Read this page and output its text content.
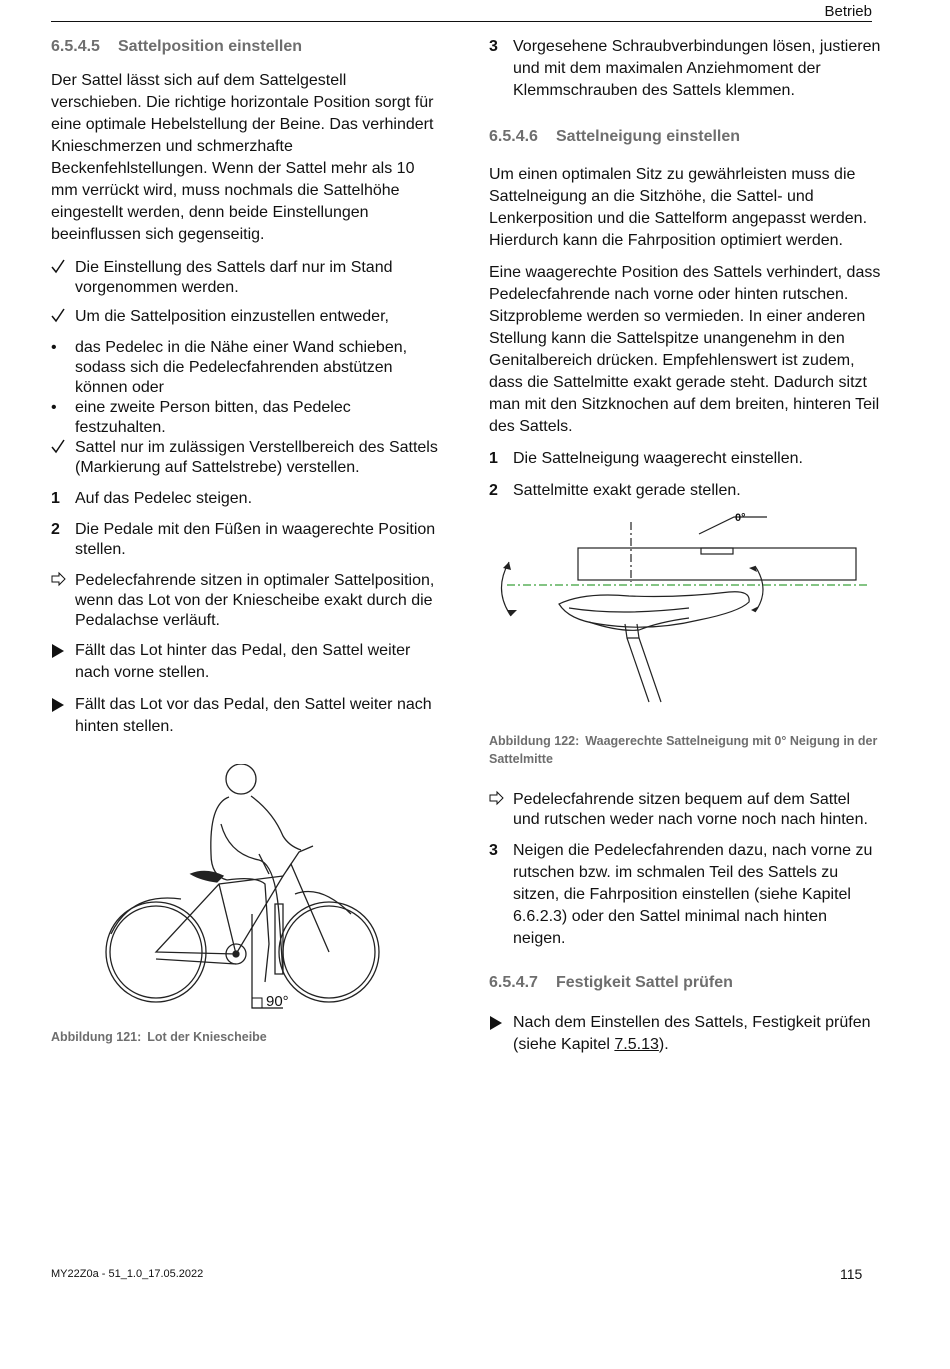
Betrieb
6.5.4.5 Sattelposition einstellen

Der Sattel lässt sich auf dem Sattelgestell verschieben. Die richtige horizontale Position sorgt für eine optimale Hebelstellung der Beine. Das verhindert Knieschmerzen und schmerzhafte Beckenfehlstellungen. Wenn der Sattel mehr als 10 mm verrückt wird, muss nochmals die Sattelhöhe eingestellt werden, denn beide Einstellungen beeinflussen sich gegenseitig.

Die Einstellung des Sattels darf nur im Stand vorgenommen werden.
Um die Sattelposition einzustellen entweder,
•	das Pedelec in die Nähe einer Wand schieben, sodass sich die Pedelecfahrenden abstützen können oder
•	eine zweite Person bitten, das Pedelec festzuhalten.
Sattel nur im zulässigen Verstellbereich des Sattels (Markierung auf Sattelstrebe) verstellen.
1 Auf das Pedelec steigen.
2 Die Pedale mit den Füßen in waagerechte Position stellen.
Pedelecfahrende sitzen in optimaler Sattelposition, wenn das Lot von der Kniescheibe exakt durch die Pedalachse verläuft.
Fällt das Lot hinter das Pedal, den Sattel weiter nach vorne stellen.
Fällt das Lot vor das Pedal, den Sattel weiter nach hinten stellen.
90°
Abbildung 121: Lot der Kniescheibe
3 Vorgesehene Schraubverbindungen lösen, justieren und mit dem maximalen Anziehmoment der Klemmschrauben des Sattels klemmen.
6.5.4.6 Sattelneigung einstellen

Um einen optimalen Sitz zu gewährleisten muss die Sattelneigung an die Sitzhöhe, die Sattel- und Lenkerposition und die Sattelform angepasst werden. Hierdurch kann die Fahrposition optimiert werden.

Eine waagerechte Position des Sattels verhindert, dass Pedelecfahrende nach vorne oder hinten rutschen. Sitzprobleme werden so vermieden. In einer anderen Stellung kann die Sattelspitze unangenehm in den Genitalbereich drücken. Empfehlenswert ist zudem, dass die Sattelmitte exakt gerade steht. Dadurch sitzt man mit den Sitzknochen auf dem breiten, hinteren Teil des Sattels.

1 Die Sattelneigung waagerecht einstellen.
2 Sattelmitte exakt gerade stellen.
0°
Abbildung 122: Waagerechte Sattelneigung mit 0° Neigung in der Sattelmitte
Pedelecfahrende sitzen bequem auf dem Sattel und rutschen weder nach vorne noch nach hinten.
3 Neigen die Pedelecfahrenden dazu, nach vorne zu rutschen bzw. im schmalen Teil des Sattels zu sitzen, die Fahrposition einstellen (siehe Kapitel 6.6.2.3) oder den Sattel minimal nach hinten neigen.
6.5.4.7 Festigkeit Sattel prüfen
Nach dem Einstellen des Sattels, Festigkeit prüfen (siehe Kapitel 7.5.13).
MY22Z0a - 51_1.0_17.05.2022	115
